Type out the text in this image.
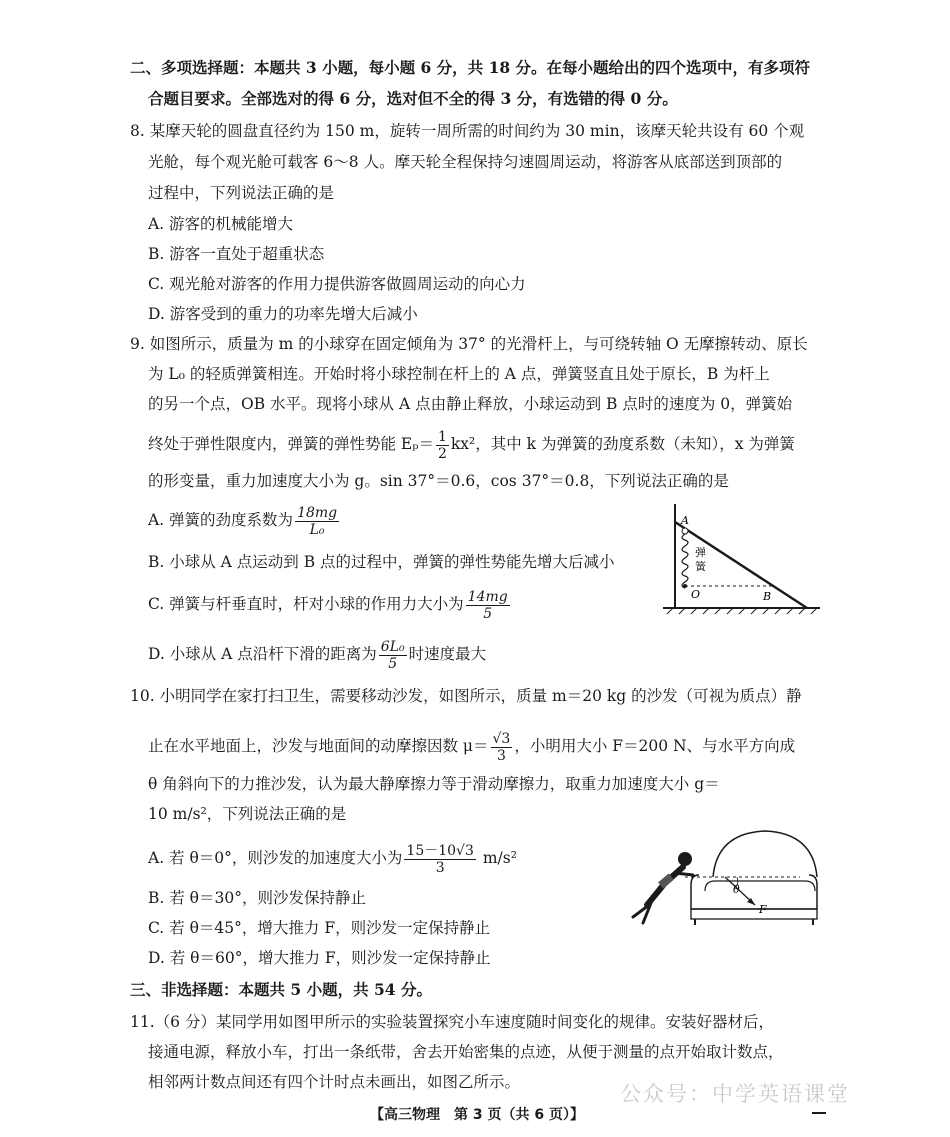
二、多项选择题：本题共 3 小题，每小题 6 分，共 18 分。在每小题给出的四个选项中，有多项符
合题目要求。全部选对的得 6 分，选对但不全的得 3 分，有选错的得 0 分。
8. 某摩天轮的圆盘直径约为 150 m，旋转一周所需的时间约为 30 min，该摩天轮共设有 60 个观
光舱，每个观光舱可载客 6～8 人。摩天轮全程保持匀速圆周运动，将游客从底部送到顶部的
过程中，下列说法正确的是
A. 游客的机械能增大
B. 游客一直处于超重状态
C. 观光舱对游客的作用力提供游客做圆周运动的向心力
D. 游客受到的重力的功率先增大后减小
9. 如图所示，质量为 m 的小球穿在固定倾角为 37° 的光滑杆上，与可绕转轴 O 无摩擦转动、原长
为 L₀ 的轻质弹簧相连。开始时将小球控制在杆上的 A 点，弹簧竖直且处于原长，B 为杆上
的另一个点，OB 水平。现将小球从 A 点由静止释放，小球运动到 B 点时的速度为 0，弹簧始
终处于弹性限度内，弹簧的弹性势能 $E_p= \frac{1}{2} kx^2$，其中 k 为弹簧的劲度系数（未知），x 为弹簧
的形变量，重力加速度大小为 g。sin 37°＝0.6，cos 37°＝0.8，下列说法正确的是
A. 弹簧的劲度系数为 $\frac{18mg}{\text{L₀}}$
B. 小球从 A 点运动到 B 点的过程中，弹簧的弹性势能先增大后减小
C. 弹簧与杆垂直时，杆对小球的作用力大小为 $\frac{14mg}{5}$
D. 小球从 A 点沿杆下滑的距离为 $\frac{\text{6L₀}}{5}$ 时速度最大
A
O	B
弹
簧
10. 小明同学在家打扫卫生，需要移动沙发，如图所示，质量 m＝20 kg 的沙发（可视为质点）静
止在水平地面上，沙发与地面间的动摩擦因数 $\mu= \frac{√3}{3}$ ，小明用大小 F＝200 N、与水平方向成
θ 角斜向下的力推沙发，认为最大静摩擦力等于滑动摩擦力，取重力加速度大小 g＝
10 m/s²，下列说法正确的是
A. 若 θ＝0°，则沙发的加速度大小为 $\frac{15-10√3}{3} m/s^2$
B. 若 θ＝30°，则沙发保持静止
C. 若 θ＝45°，增大推力 F，则沙发一定保持静止
D. 若 θ＝60°，增大推力 F，则沙发一定保持静止
θ
F
三、非选择题：本题共 5 小题，共 54 分。
11.（6 分）某同学用如图甲所示的实验装置探究小车速度随时间变化的规律。安装好器材后，
接通电源，释放小车，打出一条纸带，舍去开始密集的点迹，从便于测量的点开始取计数点，
相邻两计数点间还有四个计时点未画出，如图乙所示。	公众号：中学英语课堂
【高三物理　第 3 页（共 6 页）】
